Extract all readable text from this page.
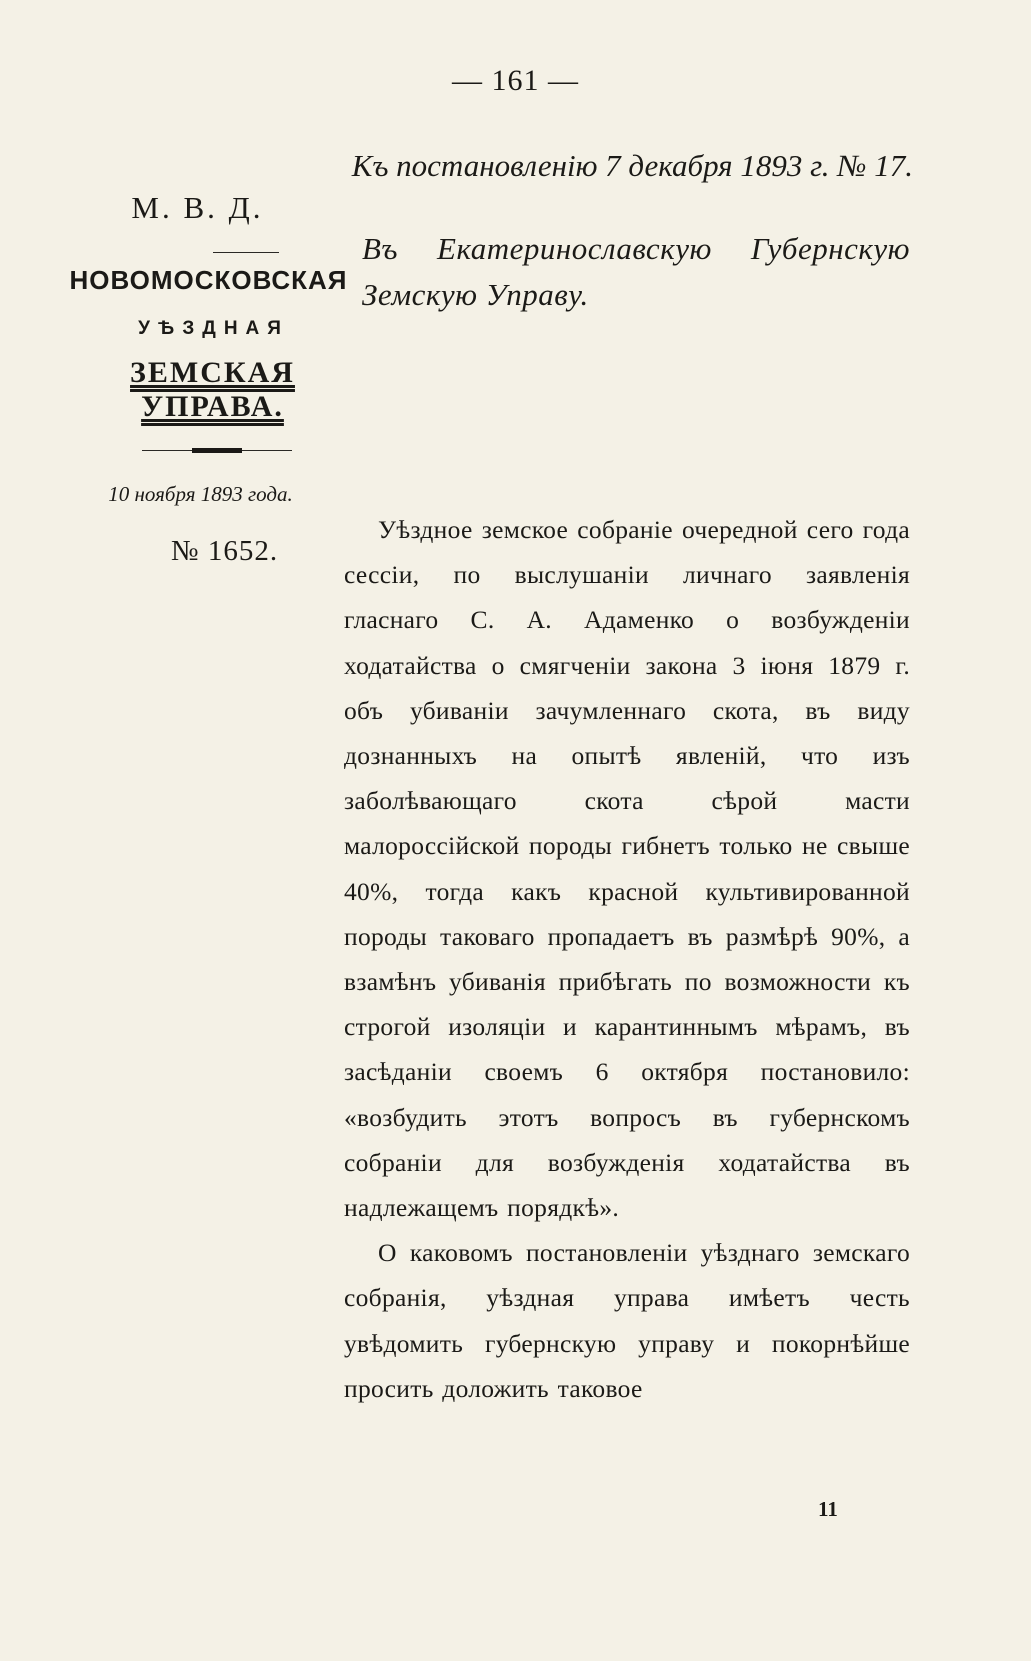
— 161 —
Къ постановленію 7 декабря 1893 г. № 17.
М. В. Д.
НОВОМОСКОВСКАЯ
УѢЗДНАЯ
ЗЕМСКАЯ УПРАВА.
10 ноября 1893 года.
№ 1652.
Въ Екатеринославскую Губернскую
Земскую Управу.

Уѣздное земское собраніе очередной сего года сессіи, по выслушаніи личнаго заявленія гласнаго С. А. Адаменко о возбужденіи ходатайства о смягченіи закона 3 іюня 1879 г. объ убиваніи зачумленнаго скота, въ виду дознанныхъ на опытѣ явленій, что изъ заболѣвающаго скота сѣрой масти малороссійской породы гибнетъ только не свыше 40%, тогда какъ красной культивированной породы таковаго пропадаетъ въ размѣрѣ 90%, а взамѣнъ убиванія прибѣгать по возможности къ строгой изоляціи и карантиннымъ мѣрамъ, въ засѣданіи своемъ 6 октября постановило: «возбудить этотъ вопросъ въ губернскомъ собраніи для возбужденія ходатайства въ надлежащемъ порядкѣ».

О каковомъ постановленіи уѣзднаго земскаго собранія, уѣздная управа имѣетъ честь увѣдомить губернскую управу и покорнѣйше просить доложить таковое

11
